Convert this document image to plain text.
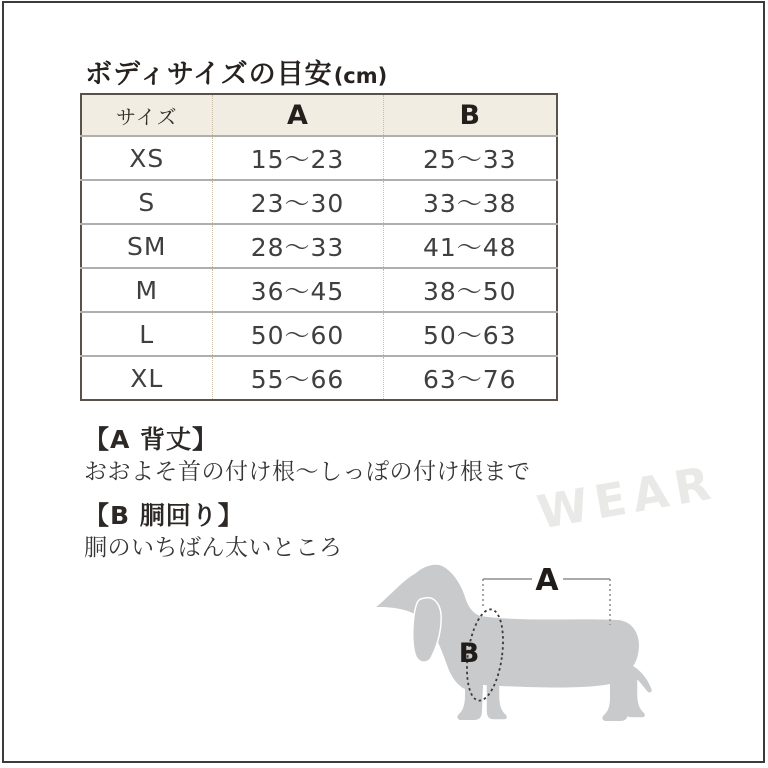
ボディサイズの目安 (cm)
サイズ	A	B
XS	15〜23	25〜33
S	23〜30	33〜38
SM	28〜33	41〜48
M	36〜45	38〜50
L	50〜60	50〜63
XL	55〜66	63〜76
【A 背丈】
おおよそ首の付け根〜しっぽの付け根まで
【B 胴回り】
胴のいちばん太いところ
WEAR
A
B
